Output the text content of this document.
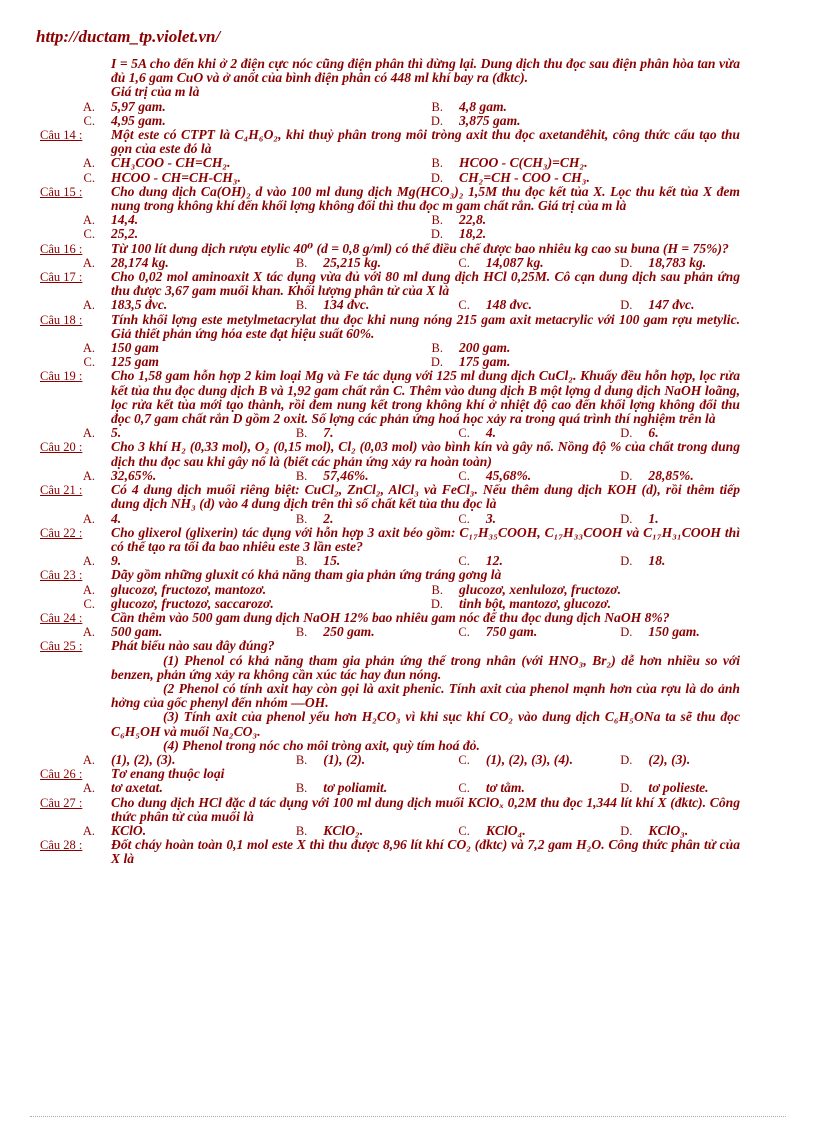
http://ductam_tp.violet.vn/
I = 5A cho đến khi ở 2 điện cực nóc cũng điện phân thì dừng lại. Dung dịch thu đọc sau điện phân hòa tan vừa đủ 1,6 gam CuO và ở anốt của bình điện phân có 448 ml khí bay ra (đktc).
Giá trị của m là
A.	5,97 gam.	B.	4,8 gam.
C.	4,95 gam.	D.	3,875 gam.
Câu 14 :	Một este có CTPT là C₄H₆O₂, khi thuỷ phân trong môi tròng axit thu đọc axetanđêhit, công thức cấu tạo thu gọn của este đó là
A.	CH₃COO - CH=CH₂.	B.	HCOO - C(CH₃)=CH₂.
C.	HCOO - CH=CH-CH₃.	D.	CH₂=CH - COO - CH₃.
Câu 15 :	Cho dung dịch Ca(OH)₂ d vào 100 ml dung dịch Mg(HCO₃)₂ 1,5M thu đọc kết tủa X. Lọc thu kết tủa X đem nung trong không khí đến khối lợng không đổi thì thu đọc m gam chất rắn. Giá trị của m là
A.	14,4.	B.	22,8.
C.	25,2.	D.	18,2.
Câu 16 :	Từ 100 lít dung dịch rượu etylic 40⁰ (d = 0,8 g/ml) có thể điều chế được bao nhiêu kg cao su buna (H = 75%)?
A.	28,174 kg.	B.	25,215 kg.	C.	14,087 kg.	D.	18,783 kg.
Câu 17 :	Cho 0,02 mol aminoaxit X tác dụng vừa đủ với 80 ml dung dịch HCl 0,25M. Cô cạn dung dịch sau phản ứng thu được 3,67 gam muối khan. Khối lượng phân tử của X là
A.	183,5 đvc.	B.	134 đvc.	C.	148 đvc.	D.	147 đvc.
Câu 18 :	Tính khối lợng este metylmetacrylat thu đọc khi nung nóng 215 gam axit metacrylic với 100 gam rợu metylic. Giả thiết phản ứng hóa este đạt hiệu suất 60%.
A.	150 gam	B.	200 gam.
C.	125 gam	D.	175 gam.
Câu 19 :	Cho 1,58 gam hỗn hợp 2 kim loại Mg và Fe tác dụng với 125 ml dung dịch CuCl₂. Khuấy đều hỗn hợp, lọc rửa kết tủa thu đọc dung dịch B và 1,92 gam chất rắn C. Thêm vào dung dịch B một lợng d dung dịch NaOH loãng, lọc rửa kết tủa mới tạo thành, rồi đem nung kết trong không khí ở nhiệt độ cao đến khối lợng không đổi thu đọc 0,7 gam chất rắn D gồm 2 oxit. Số lợng các phản ứng hoá học xảy ra trong quá trình thí nghiệm trên là
A.	5.	B.	7.	C.	4.	D.	6.
Câu 20 :	Cho 3 khí H₂ (0,33 mol), O₂ (0,15 mol), Cl₂ (0,03 mol) vào bình kín và gây nổ. Nồng độ % của chất trong dung dịch thu đọc sau khi gây nổ là (biết các phản ứng xảy ra hoàn toàn)
A.	32,65%.	B.	57,46%.	C.	45,68%.	D.	28,85%.
Câu 21 :	Có 4 dung dịch muối riêng biệt: CuCl₂, ZnCl₂, AlCl₃ và FeCl₃. Nếu thêm dung dịch KOH (d), rồi thêm tiếp dung dịch NH₃ (d) vào 4 dung dịch trên thì số chất kết tủa thu đọc là
A.	4.	B.	2.	C.	3.	D.	1.
Câu 22 :	Cho glixerol (glixerin) tác dụng với hỗn hợp 3 axit béo gồm: C₁₇H₃₅COOH, C₁₇H₃₃COOH và C₁₇H₃₁COOH thì có thể tạo ra tối đa bao nhiêu este 3 lần este?
A.	9.	B.	15.	C.	12.	D.	18.
Câu 23 :	Dãy gồm những gluxit có khả năng tham gia phản ứng tráng gơng là
A.	glucozơ, fructozơ, mantozơ.	B.	glucozơ, xenlulozơ, fructozơ.
C.	glucozơ, fructozơ, saccarozơ.	D.	tinh bột, mantozơ, glucozơ.
Câu 24 :	Cần thêm vào 500 gam dung dịch NaOH 12% bao nhiêu gam nóc để thu đọc dung dịch NaOH 8%?
A.	500 gam.	B.	250 gam.	C.	750 gam.	D.	150 gam.
Câu 25 :	Phát biểu nào sau đây đúng?
(1) Phenol có khả năng tham gia phản ứng thế trong nhân (với HNO₃, Br₂) dễ hơn nhiều so với benzen, phản ứng xảy ra không cần xúc tác hay đun nóng.
(2 Phenol có tính axit hay còn gọi là axit phenic. Tính axit của phenol mạnh hơn của rợu là do ảnh hởng của gốc phenyl đến nhóm —OH.
(3) Tính axit của phenol yếu hơn H₂CO₃ vì khi sục khí CO₂ vào dung dịch C₆H₅ONa ta sẽ thu đọc C₆H₅OH và muối Na₂CO₃.
(4) Phenol trong nóc cho môi tròng axit, quỳ tím hoá đỏ.
A.	(1), (2), (3).	B.	(1), (2).	C.	(1), (2), (3), (4).	D.	(2), (3).
Câu 26 :	Tơ enang thuộc loại
A.	tơ axetat.	B.	tơ poliamit.	C.	tơ tằm.	D.	tơ polieste.
Câu 27 :	Cho dung dịch HCl đặc d tác dụng với 100 ml dung dịch muối KClOₓ 0,2M thu đọc 1,344 lít khí X (đktc). Công thức phân tử của muối là
A.	KClO.	B.	KClO₂.	C.	KClO₄.	D.	KClO₃.
Câu 28 :	Đốt cháy hoàn toàn 0,1 mol este X thì thu được 8,96 lít khí CO₂ (đktc) và 7,2 gam H₂O. Công thức phân tử của X là
